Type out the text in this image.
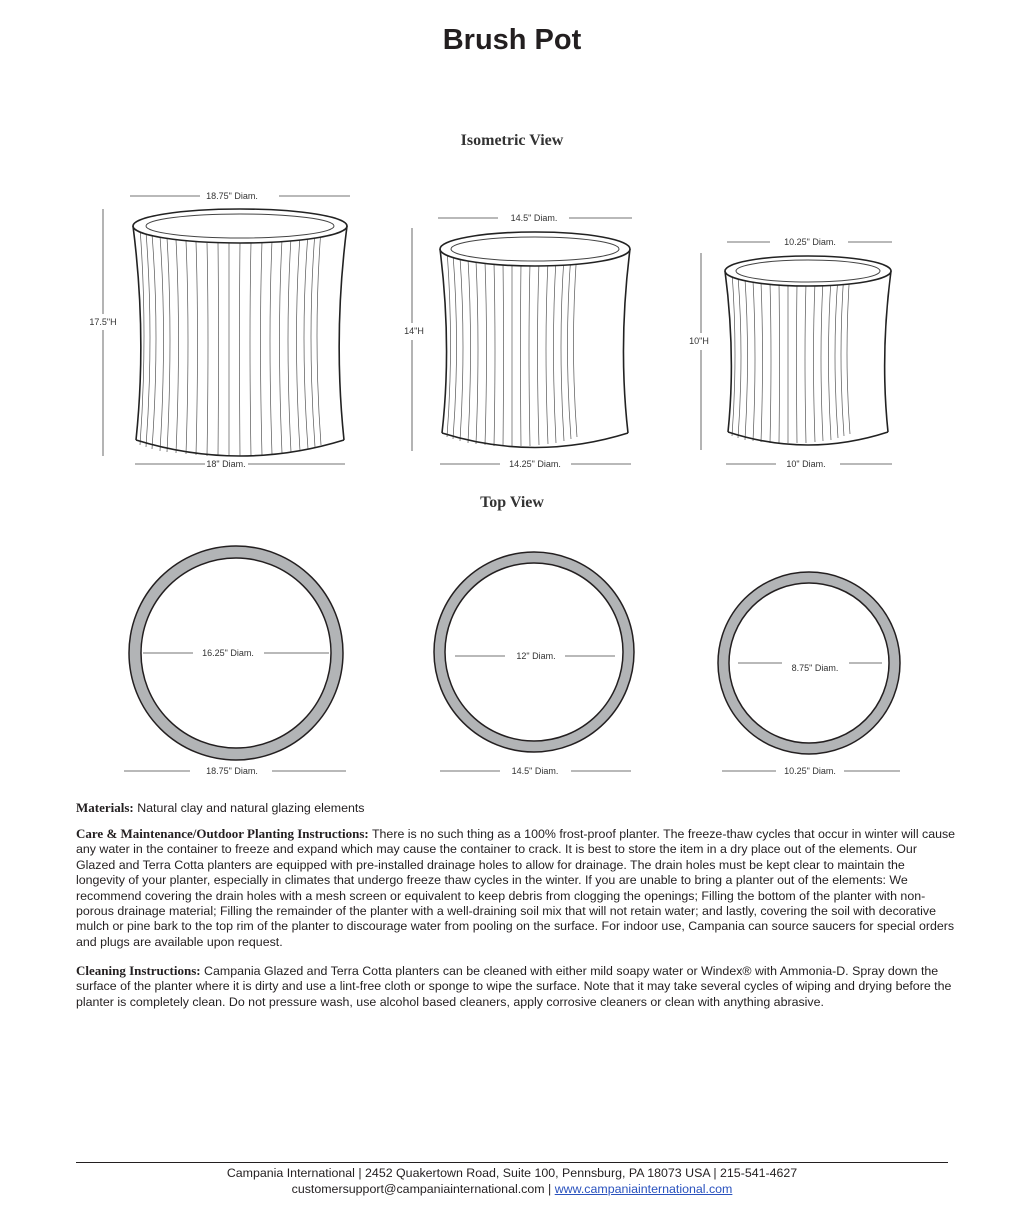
Brush Pot
Isometric View
Top View
18.75" Diam.
17.5"H
18" Diam.
14.5" Diam.
14"H
14.25" Diam.
10.25" Diam.
10"H
10" Diam.
16.25" Diam.
18.75" Diam.
12" Diam.
14.5" Diam.
8.75" Diam.
10.25" Diam.
Materials: Natural clay and natural glazing elements
Care & Maintenance/Outdoor Planting Instructions: There is no such thing as a 100% frost-proof planter. The freeze-thaw cycles that occur in winter will cause any water in the container to freeze and expand which may cause the container to crack. It is best to store the item in a dry place out of the elements. Our Glazed and Terra Cotta planters are equipped with pre-installed drainage holes to allow for drainage. The drain holes must be kept clear to maintain the longevity of your planter, especially in climates that undergo freeze thaw cycles in the winter. If you are unable to bring a planter out of the elements: We recommend covering the drain holes with a mesh screen or equivalent to keep debris from clogging the openings; Filling the bottom of the planter with non-porous drainage material; Filling the remainder of the planter with a well-draining soil mix that will not retain water; and lastly, covering the soil with decorative mulch or pine bark to the top rim of the planter to discourage water from pooling on the surface. For indoor use, Campania can source saucers for special orders and plugs are available upon request.
Cleaning Instructions: Campania Glazed and Terra Cotta planters can be cleaned with either mild soapy water or Windex® with Ammonia-D. Spray down the surface of the planter where it is dirty and use a lint-free cloth or sponge to wipe the surface. Note that it may take several cycles of wiping and drying before the planter is completely clean. Do not pressure wash, use alcohol based cleaners, apply corrosive cleaners or clean with anything abrasive.
Campania International | 2452 Quakertown Road, Suite 100, Pennsburg, PA 18073 USA | 215-541-4627
customersupport@campaniainternational.com | www.campaniainternational.com
